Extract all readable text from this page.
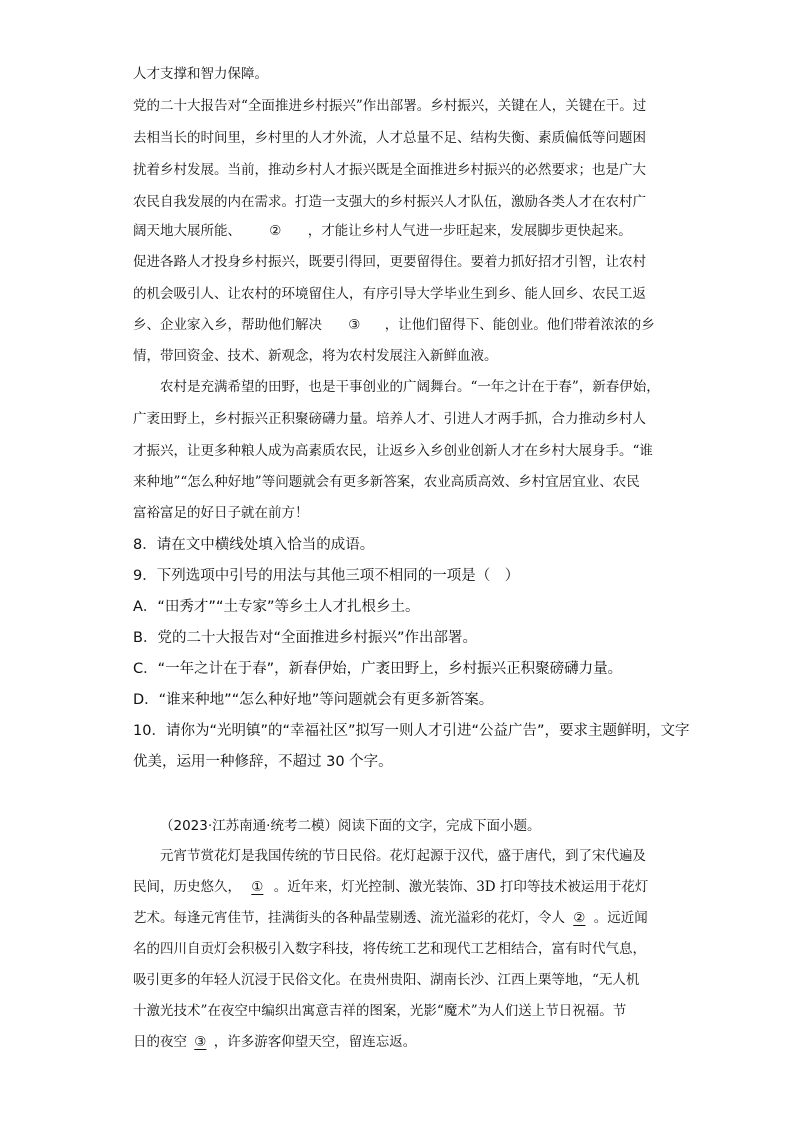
人才支撑和智力保障。
党的二十大报告对“全面推进乡村振兴”作出部署。乡村振兴，关键在人，关键在干。过
去相当长的时间里，乡村里的人才外流，人才总量不足、结构失衡、素质偏低等问题困
扰着乡村发展。当前，推动乡村人才振兴既是全面推进乡村振兴的必然要求；也是广大
农民自我发展的内在需求。打造一支强大的乡村振兴人才队伍，激励各类人才在农村广
阔天地大展所能、 ② ，才能让乡村人气进一步旺起来，发展脚步更快起来。
促进各路人才投身乡村振兴，既要引得回，更要留得住。要着力抓好招才引智，让农村
的机会吸引人、让农村的环境留住人，有序引导大学毕业生到乡、能人回乡、农民工返
乡、企业家入乡，帮助他们解决 ③ ，让他们留得下、能创业。他们带着浓浓的乡
情，带回资金、技术、新观念，将为农村发展注入新鲜血液。
农村是充满希望的田野，也是干事创业的广阔舞台。“一年之计在于春”，新春伊始，
广袤田野上，乡村振兴正积聚磅礴力量。培养人才、引进人才两手抓，合力推动乡村人
才振兴，让更多种粮人成为高素质农民，让返乡入乡创业创新人才在乡村大展身手。“谁
来种地”“怎么种好地”等问题就会有更多新答案，农业高质高效、乡村宜居宜业、农民
富裕富足的好日子就在前方！
8．请在文中横线处填入恰当的成语。
9．下列选项中引号的用法与其他三项不相同的一项是（　）
A．“田秀才”“土专家”等乡土人才扎根乡土。
B．党的二十大报告对“全面推进乡村振兴”作出部署。
C．“一年之计在于春”，新春伊始，广袤田野上，乡村振兴正积聚磅礴力量。
D．“谁来种地”“怎么种好地”等问题就会有更多新答案。
10．请你为“光明镇”的“幸福社区”拟写一则人才引进“公益广告”，要求主题鲜明，文字
优美，运用一种修辞，不超过 30 个字。
（2023·江苏南通·统考二模）阅读下面的文字，完成下面小题。
元宵节赏花灯是我国传统的节日民俗。花灯起源于汉代，盛于唐代，到了宋代遍及
民间，历史悠久， ① 。近年来，灯光控制、激光装饰、3D 打印等技术被运用于花灯
艺术。每逢元宵佳节，挂满街头的各种晶莹剔透、流光溢彩的花灯，令人 ② 。远近闻
名的四川自贡灯会积极引入数字科技，将传统工艺和现代工艺相结合，富有时代气息，
吸引更多的年轻人沉浸于民俗文化。在贵州贵阳、湖南长沙、江西上栗等地，“无人机
十激光技术”在夜空中编织出寓意吉祥的图案，光影“魔术”为人们送上节日祝福。节
日的夜空 ③ ，许多游客仰望天空，留连忘返。
